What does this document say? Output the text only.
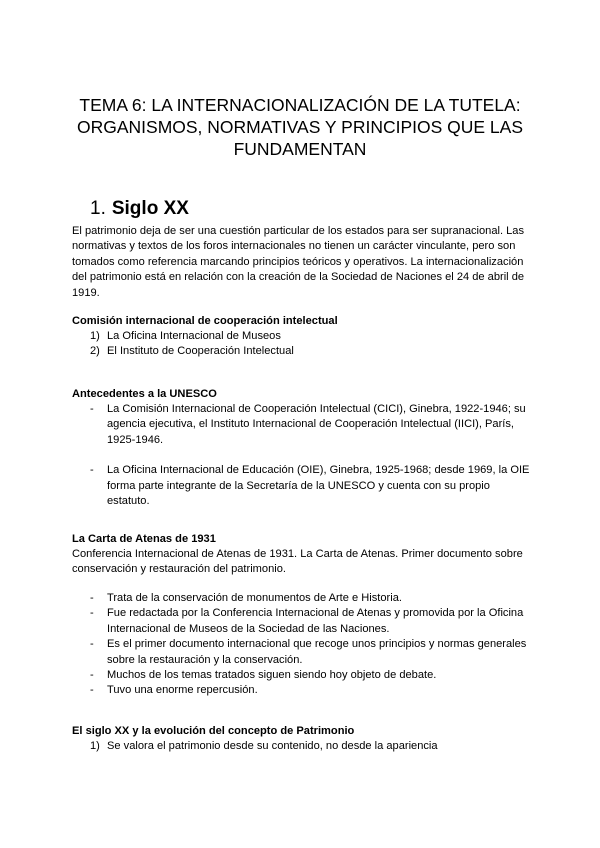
TEMA 6: LA INTERNACIONALIZACIÓN DE LA TUTELA: ORGANISMOS, NORMATIVAS Y PRINCIPIOS QUE LAS FUNDAMENTAN
1. Siglo XX

El patrimonio deja de ser una cuestión particular de los estados para ser supranacional. Las normativas y textos de los foros internacionales no tienen un carácter vinculante, pero son tomados como referencia marcando principios teóricos y operativos. La internacionalización del patrimonio está en relación con la creación de la Sociedad de Naciones el 24 de abril de 1919.

Comisión internacional de cooperación intelectual

1) La Oficina Internacional de Museos
2) El Instituto de Cooperación Intelectual

Antecedentes a la UNESCO

- La Comisión Internacional de Cooperación Intelectual (CICI), Ginebra, 1922-1946; su agencia ejecutiva, el Instituto Internacional de Cooperación Intelectual (IICI), París, 1925-1946.
- La Oficina Internacional de Educación (OIE), Ginebra, 1925-1968; desde 1969, la OIE forma parte integrante de la Secretaría de la UNESCO y cuenta con su propio estatuto.

La Carta de Atenas de 1931

Conferencia Internacional de Atenas de 1931. La Carta de Atenas. Primer documento sobre conservación y restauración del patrimonio.

- Trata de la conservación de monumentos de Arte e Historia.
- Fue redactada por la Conferencia Internacional de Atenas y promovida por la Oficina Internacional de Museos de la Sociedad de las Naciones.
- Es el primer documento internacional que recoge unos principios y normas generales sobre la restauración y la conservación.
- Muchos de los temas tratados siguen siendo hoy objeto de debate.
- Tuvo una enorme repercusión.

El siglo XX y la evolución del concepto de Patrimonio

1) Se valora el patrimonio desde su contenido, no desde la apariencia
